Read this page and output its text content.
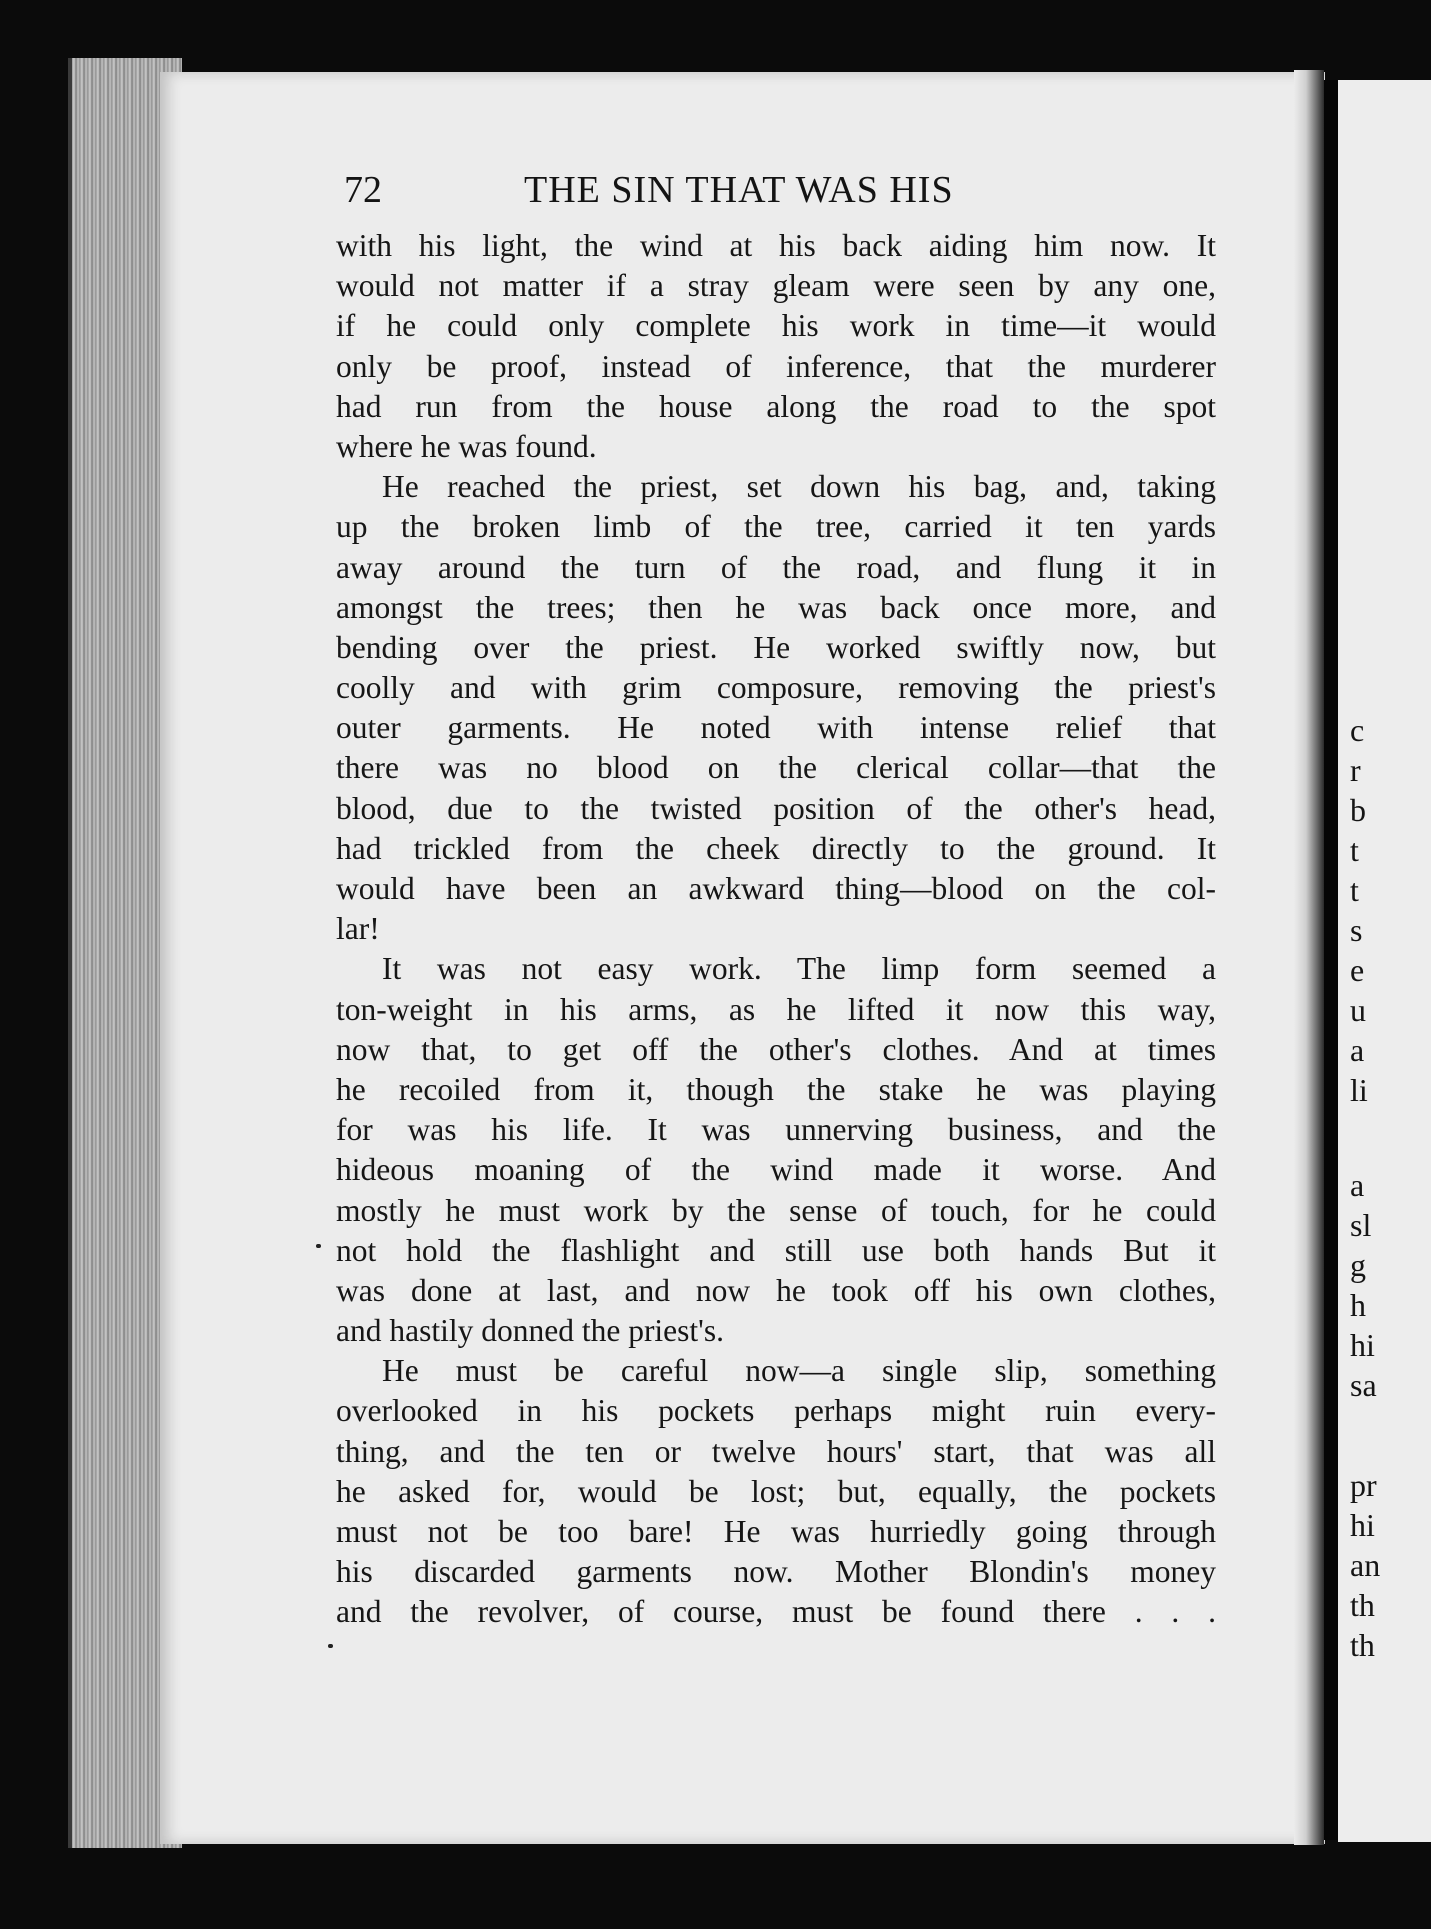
c
r
b
t
t
s
e
u
a
li
a
sl
g
h
hi
sa
pr
hi
an
th
th
72	THE SIN THAT WAS HIS
with his light, the wind at his back aiding him now. It
would not matter if a stray gleam were seen by any one,
if he could only complete his work in time—it would
only be proof, instead of inference, that the murderer
had run from the house along the road to the spot
where he was found.
He reached the priest, set down his bag, and, taking
up the broken limb of the tree, carried it ten yards
away around the turn of the road, and flung it in
amongst the trees; then he was back once more, and
bending over the priest. He worked swiftly now, but
coolly and with grim composure, removing the priest's
outer garments. He noted with intense relief that
there was no blood on the clerical collar—that the
blood, due to the twisted position of the other's head,
had trickled from the cheek directly to the ground. It
would have been an awkward thing—blood on the col-
lar!
It was not easy work. The limp form seemed a
ton-weight in his arms, as he lifted it now this way,
now that, to get off the other's clothes. And at times
he recoiled from it, though the stake he was playing
for was his life. It was unnerving business, and the
hideous moaning of the wind made it worse. And
mostly he must work by the sense of touch, for he could
not hold the flashlight and still use both hands But it
was done at last, and now he took off his own clothes,
and hastily donned the priest's.
He must be careful now—a single slip, something
overlooked in his pockets perhaps might ruin every-
thing, and the ten or twelve hours' start, that was all
he asked for, would be lost; but, equally, the pockets
must not be too bare! He was hurriedly going through
his discarded garments now. Mother Blondin's money
and the revolver, of course, must be found there . . .
